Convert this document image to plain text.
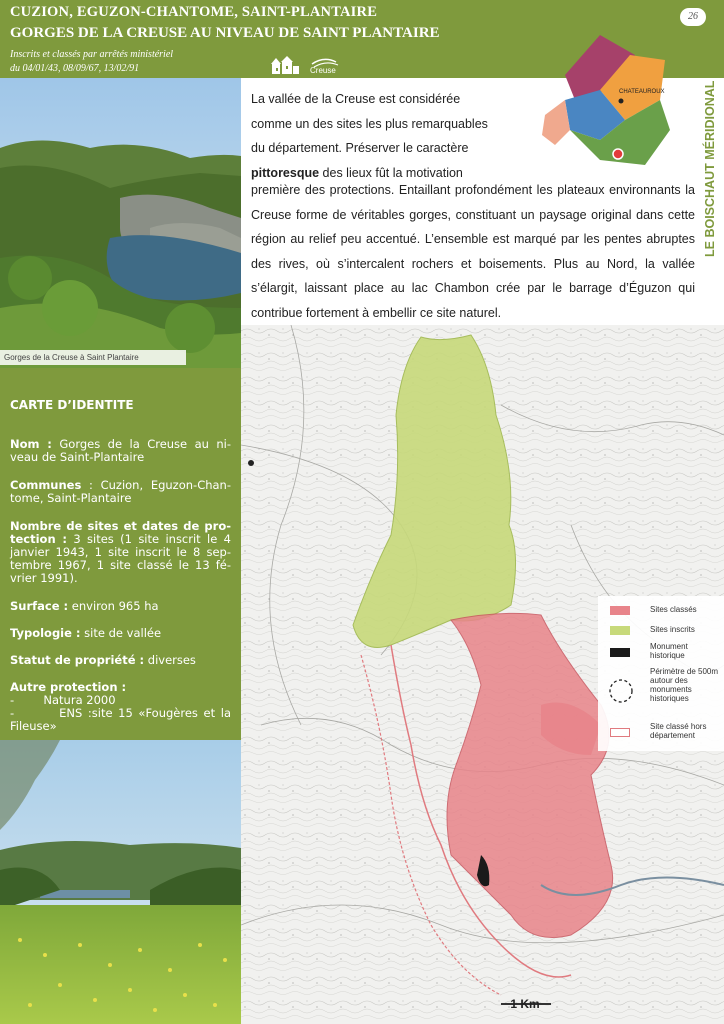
CUZION, EGUZON-CHANTOME, SAINT-PLANTAIRE
GORGES DE LA CREUSE AU NIVEAU DE SAINT PLANTAIRE
Inscrits et classés par arrêtés ministériel
du 04/01/43, 08/09/67, 13/02/91
26
Creuse
Gorges de la Creuse à Saint Plantaire
CARTE D’IDENTITE
Nom : Gorges de la Creuse au ni-veau de Saint-Plantaire
Communes : Cuzion, Eguzon-Chan-tome, Saint-Plantaire
Nombre de sites et dates de pro-tection : 3 sites (1 site inscrit le 4 janvier 1943, 1 site inscrit le 8 sep-tembre 1967, 1 site classé le 13 fé-vrier 1991).
Surface : environ 965 ha
Typologie : site de vallée
Statut de propriété : diverses
Autre protection :
-        Natura 2000
-        ENS :site 15 «Fougères et la Fileuse»
La vallée de la Creuse est considérée
comme un des sites les plus remarquables
du département. Préserver le caractère
pittoresque des lieux fût la motivation
première des protections. Entaillant profondément les plateaux environnants la Creuse forme de véritables gorges, constituant un paysage original dans cette région au relief peu accentué. L’ensemble est marqué par les pentes abruptes des rives, où s’intercalent rochers et boisements. Plus au Nord, la vallée s’élargit, laissant place au lac Chambon crée par le barrage d’Éguzon qui contribue fortement à embellir ce site naturel.
CHATEAUROUX	LE BOISCHAUT MÉRIDIONAL
Sites classés
Sites inscrits
Monument historique
Périmètre de 500m autour des monuments historiques
Site classé hors département
1 Km
